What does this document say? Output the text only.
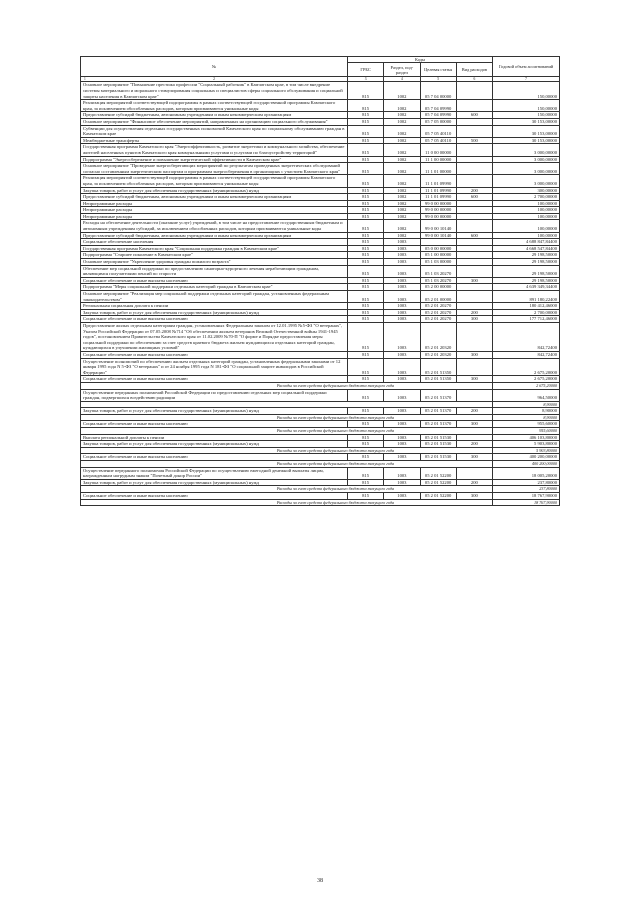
№	Коды				Годовой объем ассигнований
	ГРБС	Раздел, под-раздел	Целевая статья	Вид расходов	

1 2	3	4	5	6	7
Основное мероприятие "Повышение престижа профессии "Социальный работник" в Камчатском крае, в том числе внедрение системы материального и морального стимулирования социальных и специалистов сферы социального обслуживания и социальной защиты населения в Камчатском крае"	815	1002	05 7 04 00000		150,00000
Реализация мероприятий соответствующей подпрограммы в рамках соответствующей государственной программы Камчатского края, за исключением обособленных расходов, которым присваиваются уникальные коды	815	1002	05 7 04 09990		150,00000
Предоставление субсидий бюджетным, автономным учреждениям и иным некоммерческим организациям	815	1002	05 7 04 09990	600	150,00000
Основное мероприятие "Финансовое обеспечение мероприятий, направленных на организацию социального обслуживания"	815	1002	05 7 05 00000		30 153,00000
Субвенции для осуществления отдельных государственных полномочий Камчатского края по социальному обслуживанию граждан в Камчатском крае	815	1002	05 7 05 40110		30 153,00000
Межбюджетные трансферты	815	1002	05 7 05 40110	500	30 153,00000
Государственная программа Камчатского края "Энергоэффективность, развитие энергетики и коммунального хозяйства, обеспечение жителей населенных пунктов Камчатского края коммунальными услугами и услугами по благоустройству территорий"	815	1002	11 0 00 00000		3 000,00000
Подпрограмма "Энергосбережение и повышение энергетической эффективности в Камчатском крае"	815	1002	11 1 00 00000		3 000,00000
Основное мероприятие "Проведение энергосберегающих мероприятий по результатам проведенных энергетических обследований согласно составленным энергетическим паспортам и программам энергосбережения в организациях с участием Камчатского края"	815	1002	11 1 01 00000		3 000,00000
Реализация мероприятий соответствующей подпрограммы в рамках соответствующей государственной программы Камчатского края, за исключением обособленных расходов, которым присваиваются уникальные коды	815	1002	11 1 01 09990		3 000,00000
Закупка товаров, работ и услуг для обеспечения государственных (муниципальных) нужд	815	1002	11 1 01 09990	200	300,00000
Предоставление субсидий бюджетным, автономным учреждениям и иным некоммерческим организациям	815	1002	11 1 01 09990	600	2 700,00000
Непрограммные расходы	815	1002	99 0 00 00000		100,00000
Непрограммные расходы	815	1002	99 0 00 00000		100,00000
Непрограммные расходы	815	1002	99 0 00 00000		100,00000
Расходы на обеспечение деятельности (оказание услуг) учреждений, в том числе на предоставление государственным бюджетным и автономным учреждениям субсидий, за исключением обособленных расходов, которым присваиваются уникальные коды	815	1002	99 0 00 10140		100,00000
Предоставление субсидий бюджетным, автономным учреждениям и иным некоммерческим организациям	815	1002	99 0 00 10140	600	100,00000
Социальное обеспечение населения	815	1003			4 688 847,84400
Государственная программа Камчатского края "Социальная поддержка граждан в Камчатском крае"	815	1003	05 0 00 00000		4 668 547,84400
Подпрограмма "Старшее поколение в Камчатском крае"	815	1003	05 1 00 00000		29 198,50000
Основное мероприятие "Укрепление здоровья граждан пожилого возраста"	815	1003	05 1 03 00000		29 198,50000
Обеспечение мер социальной поддержки по предоставлению санаторно-курортного лечения неработающим гражданам, являющимся получателями пенсий по старости	815	1003	05 1 03 20270		29 198,50000
Социальное обеспечение и иные выплаты населению	815	1003	05 1 03 20270	300	29 198,50000
Подпрограмма "Меры социальной поддержки отдельных категорий граждан в Камчатском крае"	815	1003	05 2 00 00000		4 639 349,34400
Основное мероприятие "Реализация мер социальной поддержки отдельных категорий граждан, установленных федеральным законодательством"	815	1003	05 2 01 00000		891 180,22400
Региональная социальная доплата к пенсии	815	1003	05 2 01 20270		180 412,46000
Закупка товаров, работ и услуг для обеспечения государственных (муниципальных) нужд	815	1003	05 2 01 20270	200	2 700,00000
Социальное обеспечение и иные выплаты населению	815	1003	05 2 01 20270	300	177 712,46000
Предоставление жилых отдельным категориям граждан, установленных Федеральным законом от 12.01.1995 №5-ФЗ "О ветеранах", Указом Российской Федерации от 07.05.2008 №714 "Об обеспечении жильем ветеранов Великой Отечественной войны 1941-1945 годов", постановлением Правительства Камчатского края от 11.02.2009 №70-П "О форме и Порядке предоставления меры социальной поддержки по обеспечению за счет средств краевого бюджета жильем нуждающихся отдельных категорий граждан, нуждающихся в улучшении жилищных условий"	815	1003	05 2 01 20320		842,72400
Социальное обеспечение и иные выплаты населению	815	1003	05 2 01 20320	300	842,72400
Осуществление полномочий по обеспечению жильем отдельных категорий граждан, установленных федеральными законами от 12 января 1995 года N 5-ФЗ "О ветеранах" и от 24 ноября 1995 года N 181-ФЗ "О социальной защите инвалидов в Российской Федерации"	815	1003	05 2 01 51350		2 675,20000
Социальное обеспечение и иные выплаты населению	815	1003	05 2 01 51350	300	2 675,20000
Расходы за счет средств федерального бюджета текущего года					2 675,20000
Осуществление переданных полномочий Российской Федерации по предоставлению отдельных мер социальной поддержки граждан, подвергшихся воздействию радиации	815	1003	05 2 01 51370		964,50000
					8,90000
Закупка товаров, работ и услуг для обеспечения государственных (муниципальных) нужд	815	1003	05 2 01 51370	200	8,90000
Расходы за счет средств федерального бюджета текущего года					8,90000
Социальное обеспечение и иные выплаты населению	815	1003	05 2 01 51370	300	955,60000
Расходы за счет средств федерального бюджета текущего года					955,60000
Выплата региональной доплаты к пенсии	815	1003	05 2 01 51530		406 103,80000
Закупка товаров, работ и услуг для обеспечения государственных (муниципальных) нужд	815	1003	05 2 01 51530	200	5 903,80000
Расходы за счет средств федерального бюджета текущего года					5 903,80000
Социальное обеспечение и иные выплаты населению	815	1003	05 2 01 51530	300	400 200,00000
Расходы за счет средств федерального бюджета текущего года					400 200,00000
Осуществление переданного полномочия Российской Федерации по осуществлению ежегодной денежной выплаты лицам, награжденным нагрудным знаком "Почетный донор России"	815	1003	05 2 01 52200		18 005,20000
Закупка товаров, работ и услуг для обеспечения государственных (муниципальных) нужд	815	1003	05 2 01 52200	200	237,80000
Расходы за счет средств федерального бюджета текущего года					237,80000
Социальное обеспечение и иные выплаты населению	815	1003	05 2 01 52200	300	18 767,90000
Расходы за счет средств федерального бюджета текущего года					18 767,90000
38
